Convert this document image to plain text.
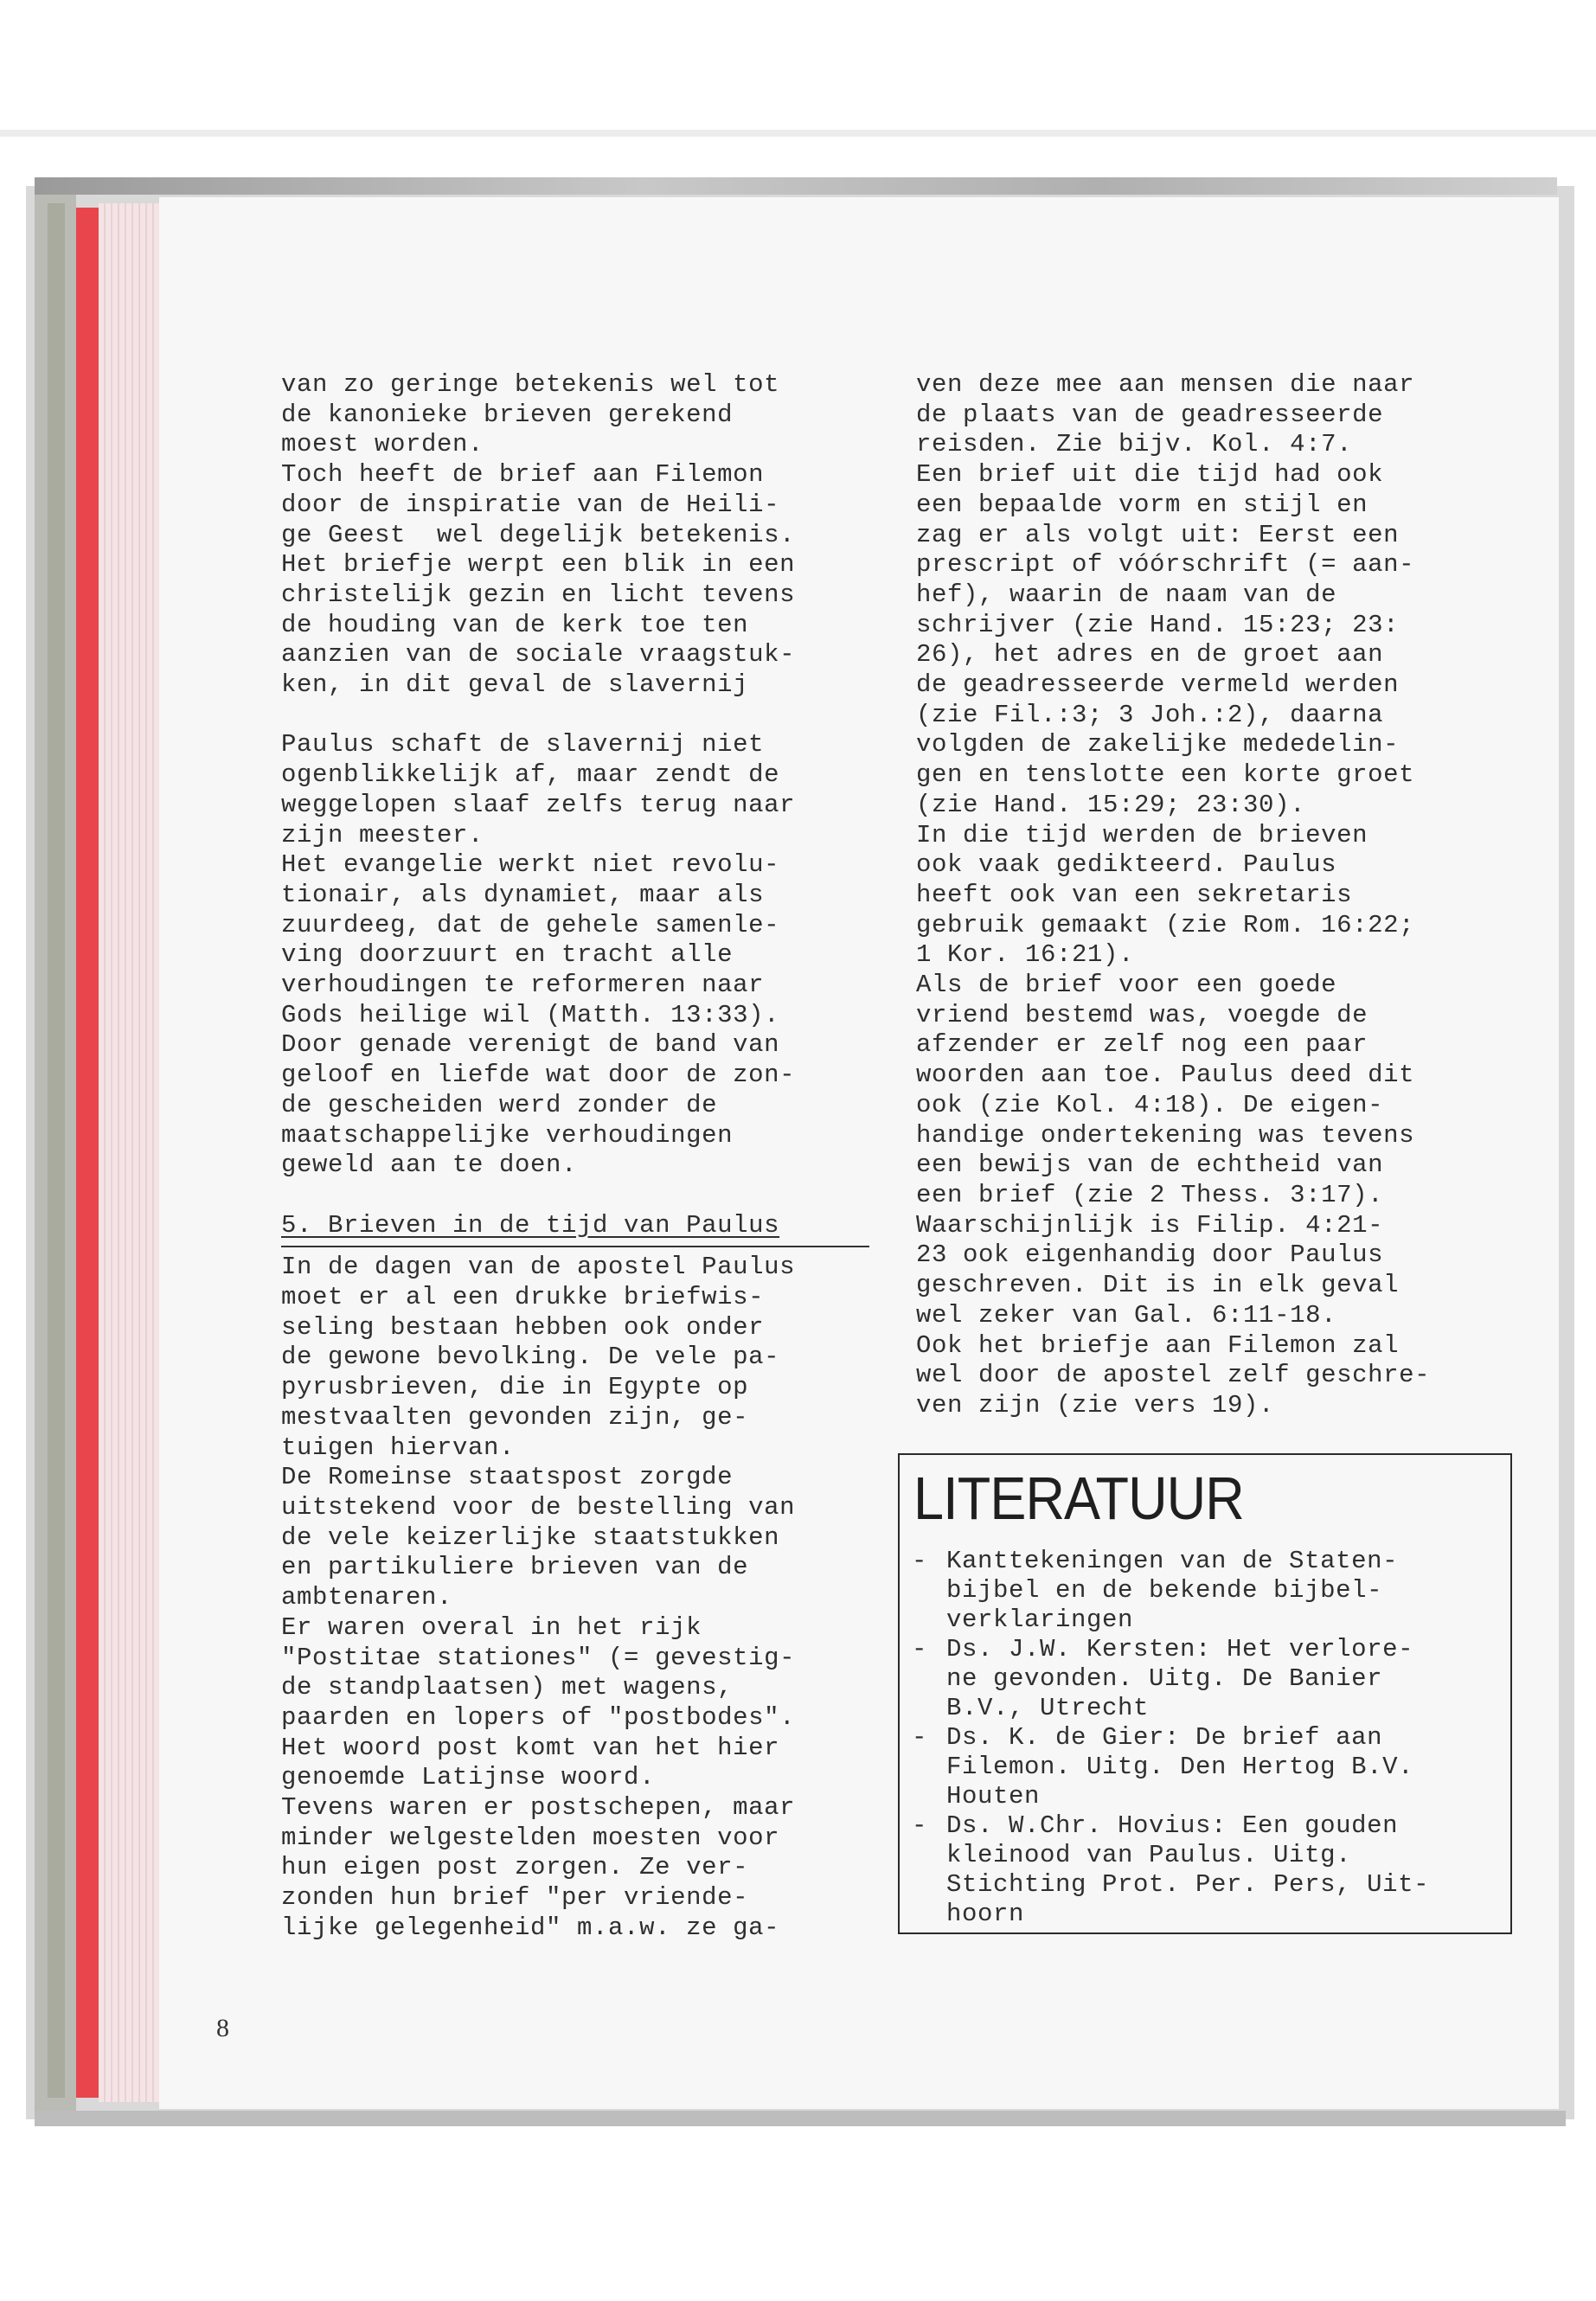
van zo geringe betekenis wel tot

de kanonieke brieven gerekend

moest worden.

Toch heeft de brief aan Filemon

door de inspiratie van de Heili-

ge Geest  wel degelijk betekenis.

Het briefje werpt een blik in een

christelijk gezin en licht tevens

de houding van de kerk toe ten

aanzien van de sociale vraagstuk-

ken, in dit geval de slavernij

Paulus schaft de slavernij niet

ogenblikkelijk af, maar zendt de

weggelopen slaaf zelfs terug naar

zijn meester.

Het evangelie werkt niet revolu-

tionair, als dynamiet, maar als

zuurdeeg, dat de gehele samenle-

ving doorzuurt en tracht alle

verhoudingen te reformeren naar

Gods heilige wil (Matth. 13:33).

Door genade verenigt de band van

geloof en liefde wat door de zon-

de gescheiden werd zonder de

maatschappelijke verhoudingen

geweld aan te doen.

5. Brieven in de tijd van Paulus

In de dagen van de apostel Paulus

moet er al een drukke briefwis-

seling bestaan hebben ook onder

de gewone bevolking. De vele pa-

pyrusbrieven, die in Egypte op

mestvaalten gevonden zijn, ge-

tuigen hiervan.

De Romeinse staatspost zorgde

uitstekend voor de bestelling van

de vele keizerlijke staatstukken

en partikuliere brieven van de

ambtenaren.

Er waren overal in het rijk

"Postitae stationes" (= gevestig-

de standplaatsen) met wagens,

paarden en lopers of "postbodes".

Het woord post komt van het hier

genoemde Latijnse woord.

Tevens waren er postschepen, maar

minder welgestelden moesten voor

hun eigen post zorgen. Ze ver-

zonden hun brief "per vriende-

lijke gelegenheid" m.a.w. ze ga-

ven deze mee aan mensen die naar

de plaats van de geadresseerde

reisden. Zie bijv. Kol. 4:7.

Een brief uit die tijd had ook

een bepaalde vorm en stijl en

zag er als volgt uit: Eerst een

prescript of vóórschrift (= aan-

hef), waarin de naam van de

schrijver (zie Hand. 15:23; 23:

26), het adres en de groet aan

de geadresseerde vermeld werden

(zie Fil.:3; 3 Joh.:2), daarna

volgden de zakelijke mededelin-

gen en tenslotte een korte groet

(zie Hand. 15:29; 23:30).

In die tijd werden de brieven

ook vaak gedikteerd. Paulus

heeft ook van een sekretaris

gebruik gemaakt (zie Rom. 16:22;

1 Kor. 16:21).

Als de brief voor een goede

vriend bestemd was, voegde de

afzender er zelf nog een paar

woorden aan toe. Paulus deed dit

ook (zie Kol. 4:18). De eigen-

handige ondertekening was tevens

een bewijs van de echtheid van

een brief (zie 2 Thess. 3:17).

Waarschijnlijk is Filip. 4:21-

23 ook eigenhandig door Paulus

geschreven. Dit is in elk geval

wel zeker van Gal. 6:11-18.

Ook het briefje aan Filemon zal

wel door de apostel zelf geschre-

ven zijn (zie vers 19).

LITERATUUR
- Kanttekeningen van de Staten-
bijbel en de bekende bijbel-
verklaringen
- Ds. J.W. Kersten: Het verlore-
ne gevonden. Uitg. De Banier
B.V., Utrecht
- Ds. K. de Gier: De brief aan
Filemon. Uitg. Den Hertog B.V.
Houten
- Ds. W.Chr. Hovius: Een gouden
kleinood van Paulus. Uitg.
Stichting Prot. Per. Pers, Uit-
hoorn
8
